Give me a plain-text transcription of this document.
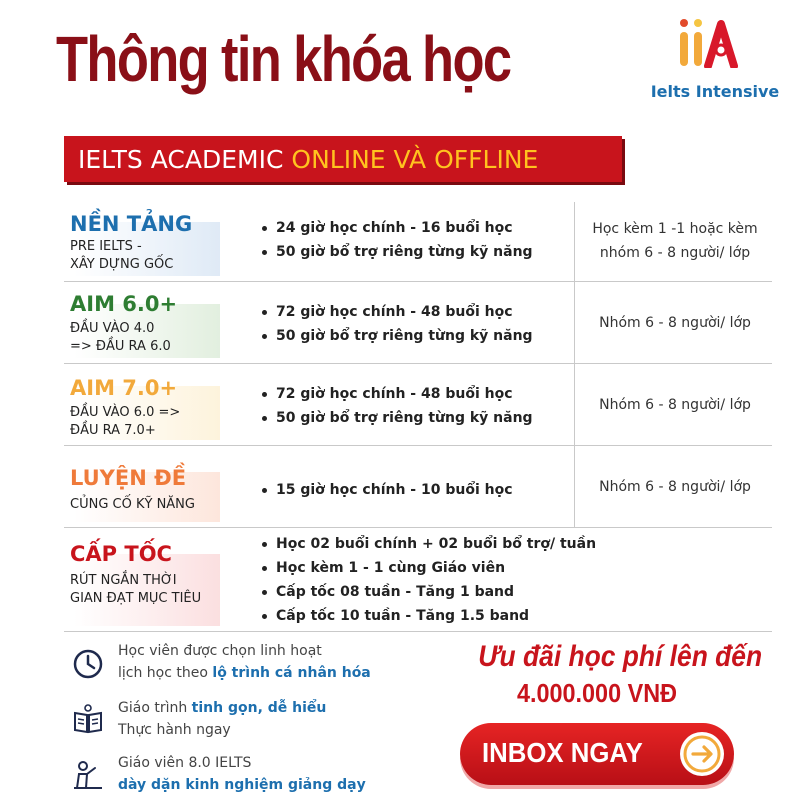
Thông tin khóa học	Ielts Intensive
IELTS ACADEMIC ONLINE VÀ OFFLINE
NỀN TẢNG
PRE IELTS -
XÂY DỰNG GỐC
24 giờ học chính - 16 buổi học
50 giờ bổ trợ riêng từng kỹ năng
Học kèm 1 -1 hoặc kèm
nhóm 6 - 8 người/ lớp
AIM 6.0+
ĐẦU VÀO 4.0
=> ĐẦU RA 6.0
72 giờ học chính - 48 buổi học
50 giờ bổ trợ riêng từng kỹ năng
Nhóm 6 - 8 người/ lớp
AIM 7.0+
ĐẦU VÀO 6.0 =>
ĐẦU RA 7.0+
72 giờ học chính - 48 buổi học
50 giờ bổ trợ riêng từng kỹ năng
Nhóm 6 - 8 người/ lớp
LUYỆN ĐỀ
CỦNG CỐ KỸ NĂNG
15 giờ học chính - 10 buổi học	Nhóm 6 - 8 người/ lớp
CẤP TỐC
RÚT NGẮN THỜI
GIAN ĐẠT MỤC TIÊU
Học 02 buổi chính + 02 buổi bổ trợ/ tuần
Học kèm 1 - 1 cùng Giáo viên
Cấp tốc 08 tuần - Tăng 1 band
Cấp tốc 10 tuần - Tăng 1.5 band
Học viên được chọn linh hoạt
lịch học theo lộ trình cá nhân hóa
Giáo trình tinh gọn, dễ hiểu
Thực hành ngay
Giáo viên 8.0 IELTS
dày dặn kinh nghiệm giảng dạy
Ưu đãi học phí lên đến
4.000.000 VNĐ
INBOX NGAY
